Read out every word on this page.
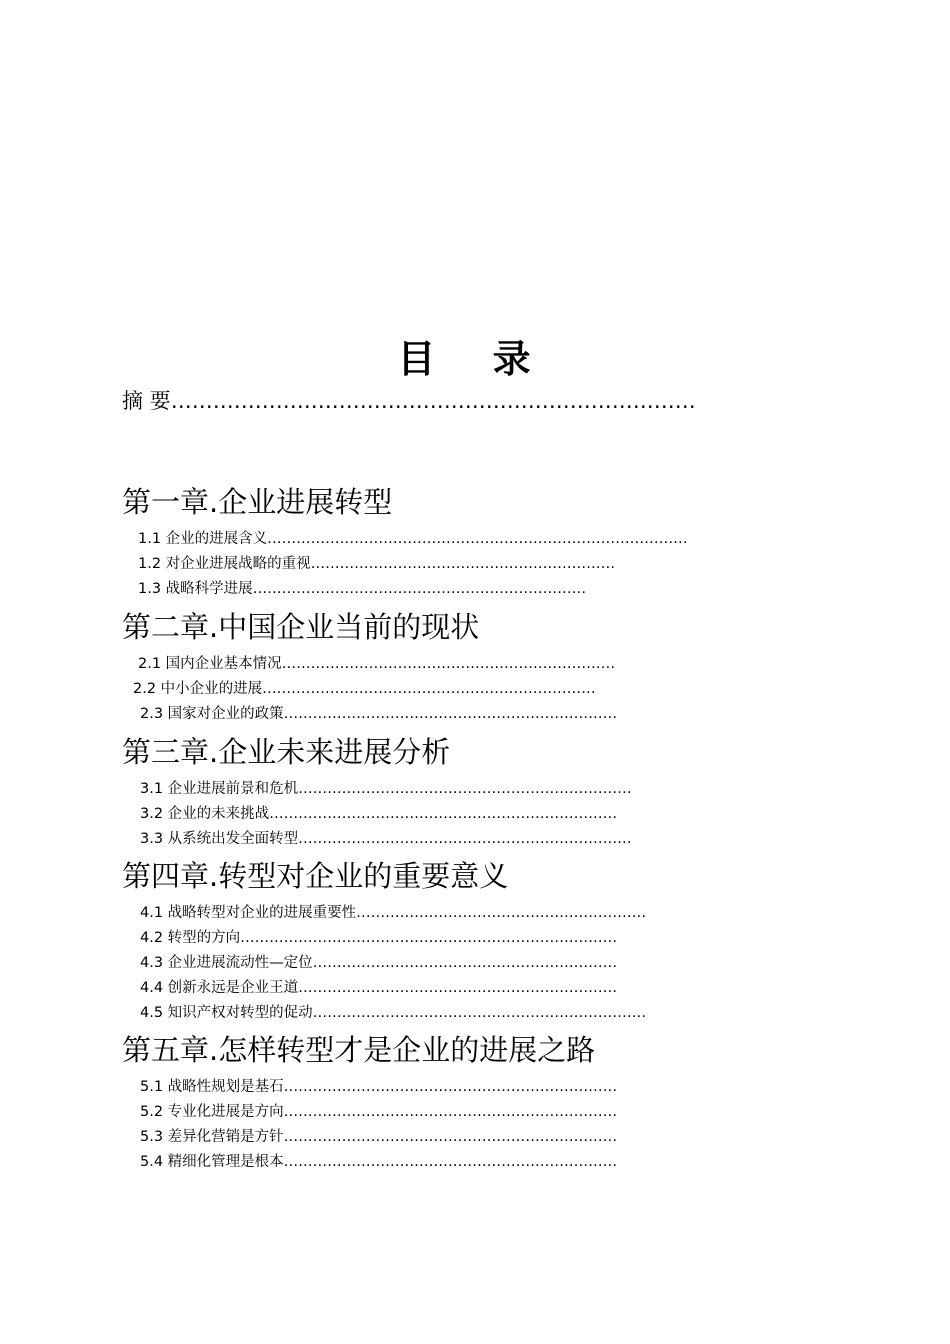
目 录
摘 要…………………………………………………………………
第一章.企业进展转型
1.1 企业的进展含义……………………………………………………………………………
1.2 对企业进展战略的重视………………………………………………………
1.3 战略科学进展……………………………………………………………
第二章.中国企业当前的现状
2.1 国内企业基本情况……………………………………………………………
2.2 中小企业的进展……………………………………………………………
2.3 国家对企业的政策……………………………………………………………
第三章.企业未来进展分析
3.1 企业进展前景和危机……………………………………………………………
3.2 企业的未来挑战………………………………………………………………
3.3 从系统出发全面转型……………………………………………………………
第四章.转型对企业的重要意义
4.1 战略转型对企业的进展重要性……………………………………………………
4.2 转型的方向……………………………………………………………………
4.3 企业进展流动性—定位………………………………………………………
4.4 创新永远是企业王道…………………………………………………………
4.5 知识产权对转型的促动……………………………………………………………
第五章.怎样转型才是企业的进展之路
5.1 战略性规划是基石……………………………………………………………
5.2 专业化进展是方向……………………………………………………………
5.3 差异化营销是方针……………………………………………………………
5.4 精细化管理是根本……………………………………………………………
